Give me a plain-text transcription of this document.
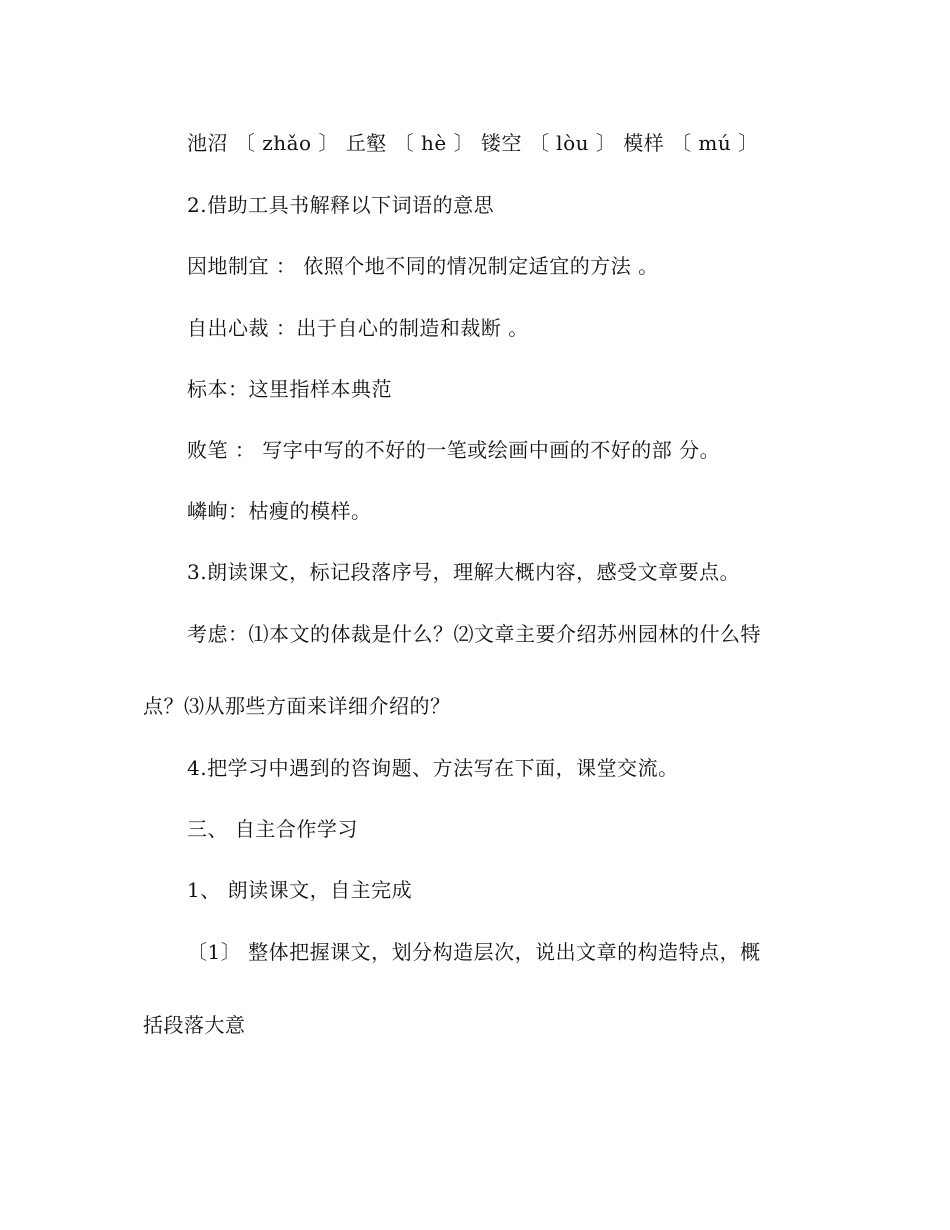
池沼 〔 zhǎo 〕 丘壑 〔 hè 〕 镂空 〔 lòu 〕 模样 〔 mú 〕
2.借助工具书解释以下词语的意思
因地制宜 ： 依照个地不同的情况制定适宜的方法 。
自出心裁 ：出于自心的制造和裁断 。
标本：这里指样本典范
败笔 ： 写字中写的不好的一笔或绘画中画的不好的部 分。
嶙峋：枯瘦的模样。
3.朗读课文，标记段落序号，理解大概内容，感受文章要点。
考虑：⑴本文的体裁是什么？⑵文章主要介绍苏州园林的什么特
点？⑶从那些方面来详细介绍的？
4.把学习中遇到的咨询题、方法写在下面，课堂交流。
三、 自主合作学习
1、 朗读课文，自主完成
〔1〕 整体把握课文，划分构造层次，说出文章的构造特点，概
括段落大意
